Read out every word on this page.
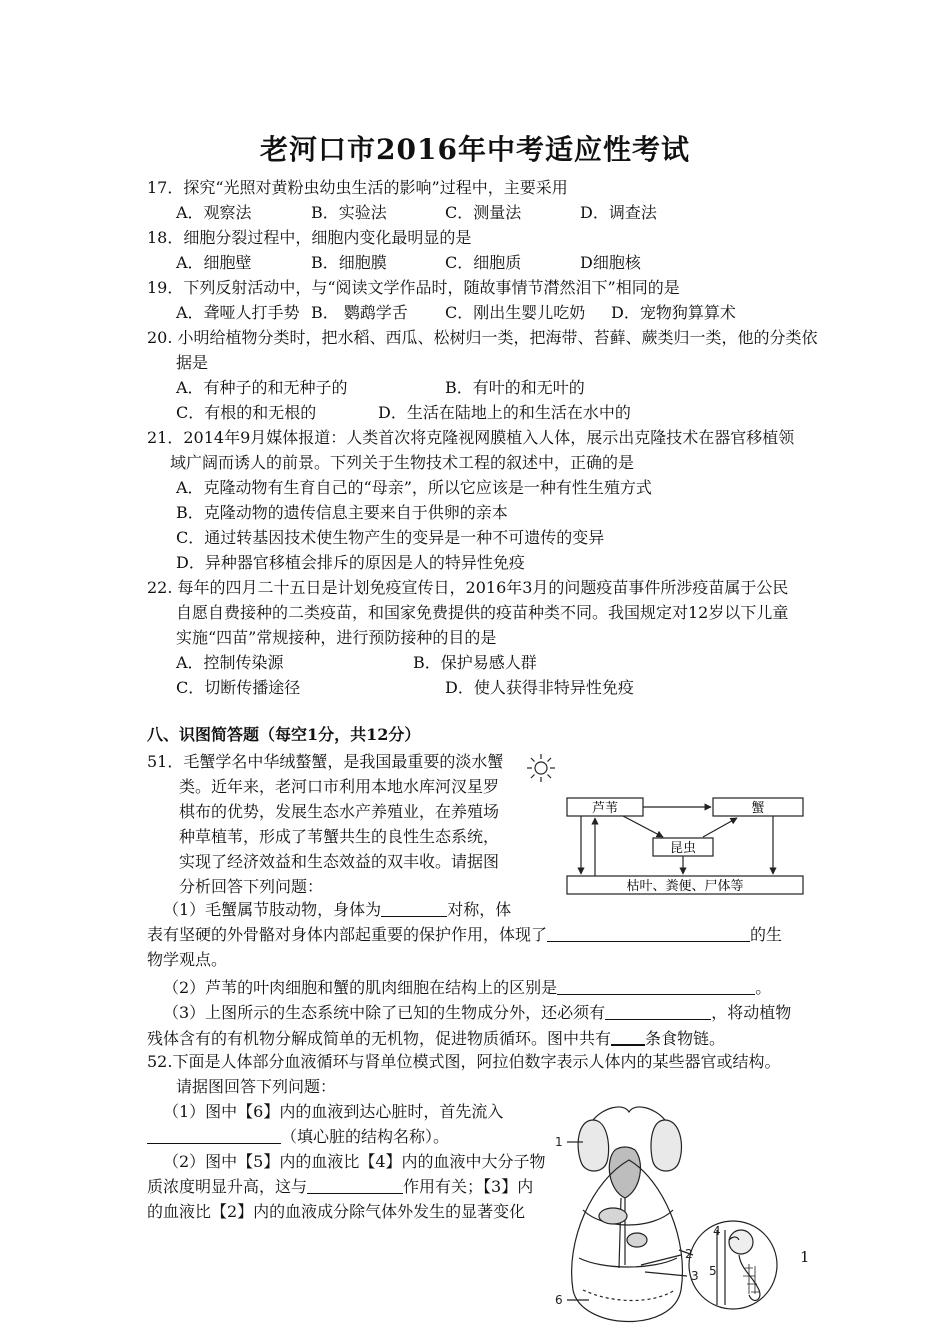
老河口市2016年中考适应性考试
17．探究“光照对黄粉虫幼虫生活的影响”过程中，主要采用
A．观察法	B．实验法	C．测量法	D．调查法
18．细胞分裂过程中，细胞内变化最明显的是
A．细胞壁	B．细胞膜	C．细胞质	D细胞核
19．下列反射活动中，与“阅读文学作品时，随故事情节潸然泪下”相同的是
A．聋哑人打手势 B． 鹦鹉学舌 C．刚出生婴儿吃奶 D．宠物狗算算术
20. 小明给植物分类时，把水稻、西瓜、松树归一类，把海带、苔藓、蕨类归一类，他的分类依
据是
A．有种子的和无种子的	B．有叶的和无叶的
C．有根的和无根的	D．生活在陆地上的和生活在水中的
21．2014年9月媒体报道：人类首次将克隆视网膜植入人体，展示出克隆技术在器官移植领
域广阔而诱人的前景。下列关于生物技术工程的叙述中，正确的是
A．克隆动物有生育自己的“母亲”，所以它应该是一种有性生殖方式
B．克隆动物的遗传信息主要来自于供卵的亲本
C．通过转基因技术使生物产生的变异是一种不可遗传的变异
D．异种器官移植会排斥的原因是人的特异性免疫
22. 每年的四月二十五日是计划免疫宣传日，2016年3月的问题疫苗事件所涉疫苗属于公民
自愿自费接种的二类疫苗，和国家免费提供的疫苗种类不同。我国规定对12岁以下儿童
实施“四苗”常规接种，进行预防接种的目的是
A．控制传染源	B．保护易感人群
C．切断传播途径	D．使人获得非特异性免疫
八、识图简答题（每空1分，共12分）
51．毛蟹学名中华绒螯蟹，是我国最重要的淡水蟹
类。近年来，老河口市利用本地水库河汊星罗
棋布的优势，发展生态水产养殖业，在养殖场
种草植苇，形成了苇蟹共生的良性生态系统，
实现了经济效益和生态效益的双丰收。请据图
分析回答下列问题：
芦苇	蟹
昆虫
枯叶、粪便、尸体等
（1）毛蟹属节肢动物，身体为	对称，体
表有坚硬的外骨骼对身体内部起重要的保护作用，体现了	的生
物学观点。
（2）芦苇的叶肉细胞和蟹的肌肉细胞在结构上的区别是	。
（3）上图所示的生态系统中除了已知的生物成分外，还必须有	，将动植物
残体含有的有机物分解成简单的无机物，促进物质循环。图中共有 条食物链。
52.下面是人体部分血液循环与肾单位模式图，阿拉伯数字表示人体内的某些器官或结构。
请据图回答下列问题：
（1）图中【6】内的血液到达心脏时，首先流入
（填心脏的结构名称）。
（2）图中【5】内的血液比【4】内的血液中大分子物
质浓度明显升高，这与	作用有关；【3】内
的血液比【2】内的血液成分除气体外发生的显著变化
1
2
3
4
5
6
1
